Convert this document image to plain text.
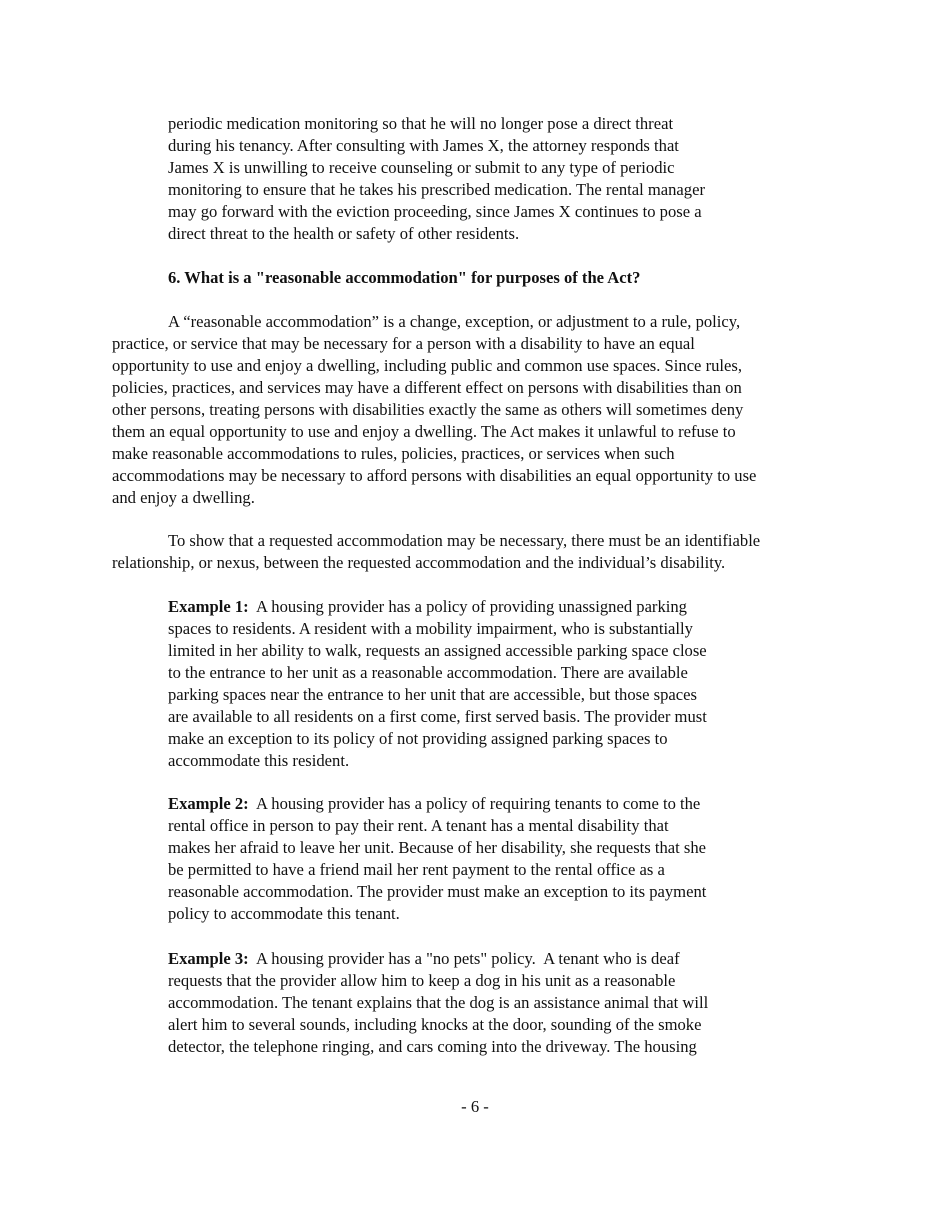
periodic medication monitoring so that he will no longer pose a direct threat
during his tenancy. After consulting with James X, the attorney responds that
James X is unwilling to receive counseling or submit to any type of periodic
monitoring to ensure that he takes his prescribed medication. The rental manager
may go forward with the eviction proceeding, since James X continues to pose a
direct threat to the health or safety of other residents.
6. What is a "reasonable accommodation" for purposes of the Act?
A “reasonable accommodation” is a change, exception, or adjustment to a rule, policy,
practice, or service that may be necessary for a person with a disability to have an equal
opportunity to use and enjoy a dwelling, including public and common use spaces. Since rules,
policies, practices, and services may have a different effect on persons with disabilities than on
other persons, treating persons with disabilities exactly the same as others will sometimes deny
them an equal opportunity to use and enjoy a dwelling. The Act makes it unlawful to refuse to
make reasonable accommodations to rules, policies, practices, or services when such
accommodations may be necessary to afford persons with disabilities an equal opportunity to use
and enjoy a dwelling.
To show that a requested accommodation may be necessary, there must be an identifiable
relationship, or nexus, between the requested accommodation and the individual’s disability.
Example 1:  A housing provider has a policy of providing unassigned parking
spaces to residents. A resident with a mobility impairment, who is substantially
limited in her ability to walk, requests an assigned accessible parking space close
to the entrance to her unit as a reasonable accommodation. There are available
parking spaces near the entrance to her unit that are accessible, but those spaces
are available to all residents on a first come, first served basis. The provider must
make an exception to its policy of not providing assigned parking spaces to
accommodate this resident.
Example 2:  A housing provider has a policy of requiring tenants to come to the
rental office in person to pay their rent. A tenant has a mental disability that
makes her afraid to leave her unit. Because of her disability, she requests that she
be permitted to have a friend mail her rent payment to the rental office as a
reasonable accommodation. The provider must make an exception to its payment
policy to accommodate this tenant.
Example 3:  A housing provider has a "no pets" policy.  A tenant who is deaf
requests that the provider allow him to keep a dog in his unit as a reasonable
accommodation. The tenant explains that the dog is an assistance animal that will
alert him to several sounds, including knocks at the door, sounding of the smoke
detector, the telephone ringing, and cars coming into the driveway. The housing
- 6 -
